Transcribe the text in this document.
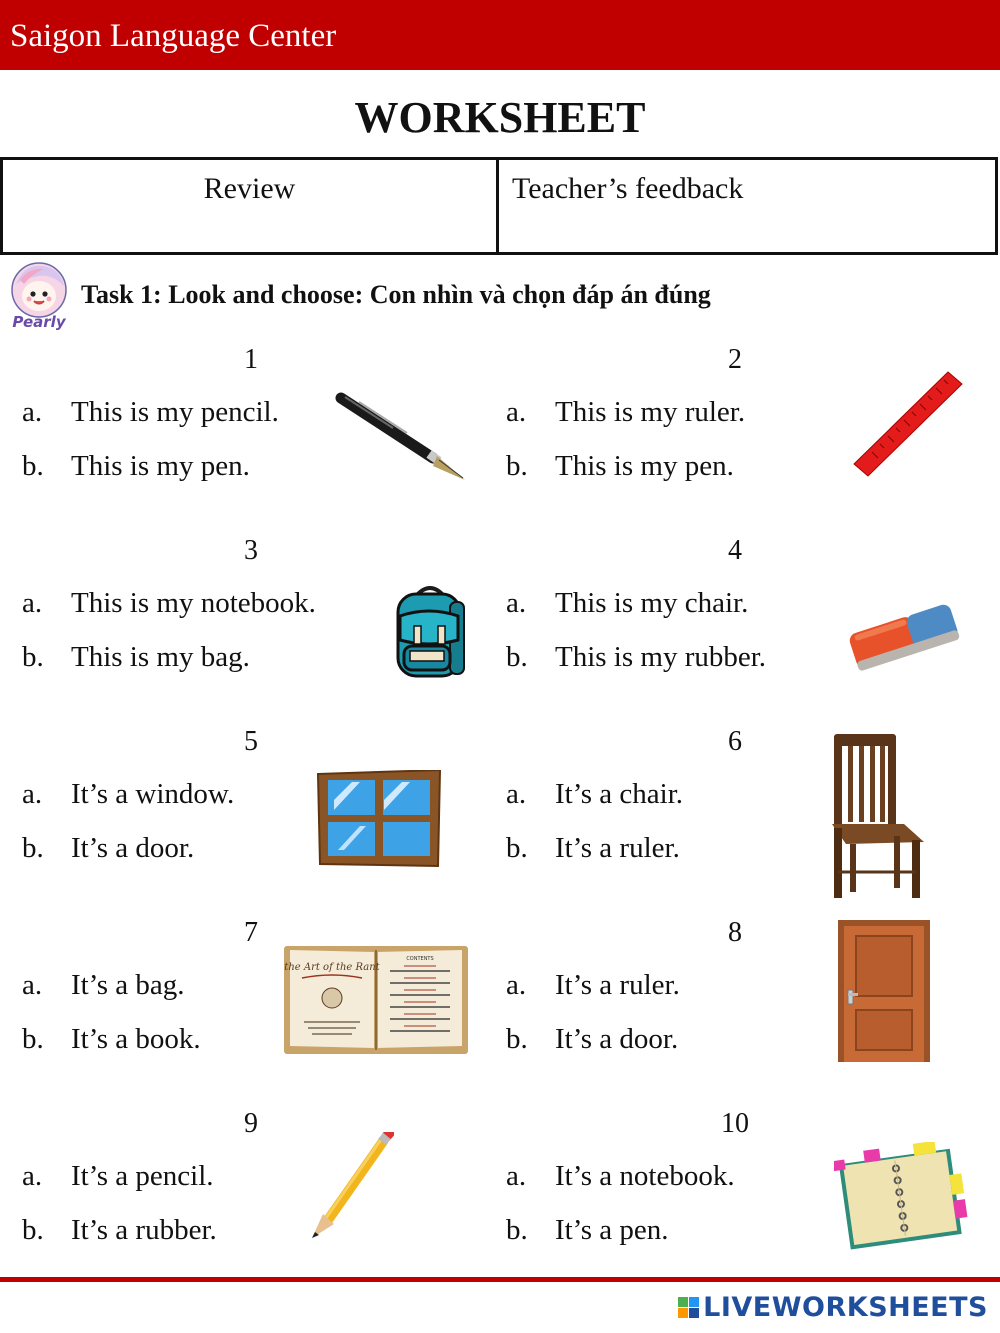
Saigon Language Center
WORKSHEET
Review	Teacher’s feedback
Pearly
Task 1: Look and choose: Con nhìn và chọn đáp án đúng
1
a. This is my pencil.
b. This is my pen.
2
a. This is my ruler.
b. This is my pen.
3
a. This is my notebook.
b. This is my bag.
4
a. This is my chair.
b. This is my rubber.
5
a. It’s a window.
b. It’s a door.
6
a. It’s a chair.
b. It’s a ruler.
7
a. It’s a bag.
b. It’s a book.
the Art of the Rant
CONTENTS
8
a. It’s a ruler.
b. It’s a door.
9
a. It’s a pencil.
b. It’s a rubber.
10
a. It’s a notebook.
b. It’s a pen.
LIVEWORKSHEETS
